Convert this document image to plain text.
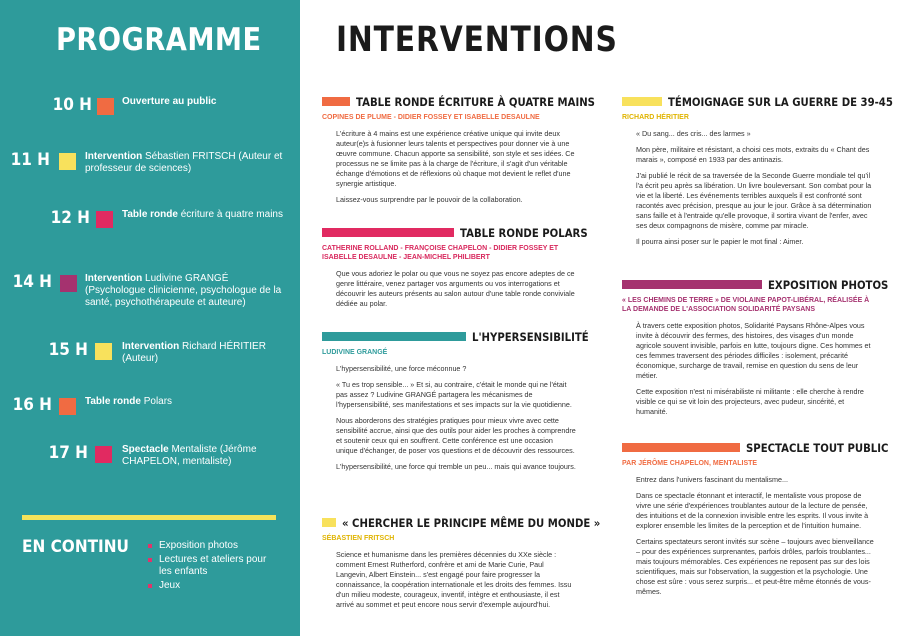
PROGRAMME
10 H	Ouverture au public
11 H	Intervention Sébastien FRITSCH (Auteur et professeur de sciences)
12 H	Table ronde écriture à quatre mains
14 H	Intervention Ludivine GRANGÉ (Psychologue clinicienne, psychologue de la santé, psychothérapeute et auteure)
15 H	Intervention Richard HÉRITIER (Auteur)
16 H	Table ronde Polars
17 H	Spectacle Mentaliste (Jérôme CHAPELON, mentaliste)
EN CONTINU	Exposition photos
Lectures et ateliers pour les enfants
Jeux
INTERVENTIONS
TABLE RONDE ÉCRITURE À QUATRE MAINS
COPINES DE PLUME - DIDIER FOSSEY ET ISABELLE DESAULNE

L'écriture à 4 mains est une expérience créative unique qui invite deux auteur(e)s à fusionner leurs talents et perspectives pour donner vie à une œuvre commune. Chacun apporte sa sensibilité, son style et ses idées. Ce processus ne se limite pas à la charge de l'écriture, il s'agit d'un véritable échange d'émotions et de réflexions où chaque mot devient le reflet d'une synergie artistique.

Laissez-vous surprendre par le pouvoir de la collaboration.

TABLE RONDE POLARS
CATHERINE ROLLAND - FRANÇOISE CHAPELON - DIDIER FOSSEY ET ISABELLE DESAULNE - JEAN-MICHEL PHILIBERT

Que vous adoriez le polar ou que vous ne soyez pas encore adeptes de ce genre littéraire, venez partager vos arguments ou vos interrogations et découvrir les auteurs présents au salon autour d'une table ronde conviviale dédiée au polar.

L'HYPERSENSIBILITÉ
LUDIVINE GRANGÉ

L'hypersensibilité, une force méconnue ?

« Tu es trop sensible... » Et si, au contraire, c'était le monde qui ne l'était pas assez ? Ludivine GRANGÉ partagera les mécanismes de l'hypersensibilité, ses manifestations et ses impacts sur la vie quotidienne.

Nous aborderons des stratégies pratiques pour mieux vivre avec cette sensibilité accrue, ainsi que des outils pour aider les proches à comprendre et soutenir ceux qui en souffrent. Cette conférence est une occasion unique d'échanger, de poser vos questions et de découvrir des ressources.

L'hypersensibilité, une force qui tremble un peu... mais qui avance toujours.

« CHERCHER LE PRINCIPE MÊME DU MONDE »
SÉBASTIEN FRITSCH

Science et humanisme dans les premières décennies du XXe siècle : comment Ernest Rutherford, confrère et ami de Marie Curie, Paul Langevin, Albert Einstein... s'est engagé pour faire progresser la connaissance, la coopération internationale et les droits des femmes. Issu d'un milieu modeste, courageux, inventif, intègre et enthousiaste, il est arrivé au sommet et peut encore nous servir d'exemple aujourd'hui.

TÉMOIGNAGE SUR LA GUERRE DE 39-45
RICHARD HÉRITIER

« Du sang... des cris... des larmes »

Mon père, militaire et résistant, a choisi ces mots, extraits du « Chant des marais », composé en 1933 par des antinazis.

J'ai publié le récit de sa traversée de la Seconde Guerre mondiale tel qu'il l'a écrit peu après sa libération. Un livre bouleversant. Son combat pour la vie et la liberté. Les événements terribles auxquels il est confronté sont racontés avec précision, presque au jour le jour. Grâce à sa détermination sans faille et à l'entraide qu'elle provoque, il sortira vivant de l'enfer, avec ses deux compagnons de misère, comme par miracle.

Il pourra ainsi poser sur le papier le mot final : Aimer.

EXPOSITION PHOTOS
« LES CHEMINS DE TERRE » DE VIOLAINE PAPOT-LIBÉRAL, RÉALISÉE À LA DEMANDE DE L'ASSOCIATION SOLIDARITÉ PAYSANS

À travers cette exposition photos, Solidarité Paysans Rhône-Alpes vous invite à découvrir des fermes, des histoires, des visages d'un monde agricole souvent invisible, parfois en lutte, toujours digne. Ces hommes et ces femmes traversent des périodes difficiles : isolement, précarité économique, surcharge de travail, remise en question du sens de leur métier.

Cette exposition n'est ni misérabiliste ni militante : elle cherche à rendre visible ce qui se vit loin des projecteurs, avec pudeur, sincérité, et humanité.

SPECTACLE TOUT PUBLIC
PAR JÉRÔME CHAPELON, MENTALISTE

Entrez dans l'univers fascinant du mentalisme...

Dans ce spectacle étonnant et interactif, le mentaliste vous propose de vivre une série d'expériences troublantes autour de la lecture de pensée, des intuitions et de la connexion invisible entre les esprits. Il vous invite à explorer ensemble les limites de la perception et de l'intuition humaine.

Certains spectateurs seront invités sur scène – toujours avec bienveillance – pour des expériences surprenantes, parfois drôles, parfois troublantes... mais toujours mémorables. Ces expériences ne reposent pas sur des lois scientifiques, mais sur l'observation, la suggestion et la psychologie. Une chose est sûre : vous serez surpris... et peut-être même étonnés de vous-mêmes.
